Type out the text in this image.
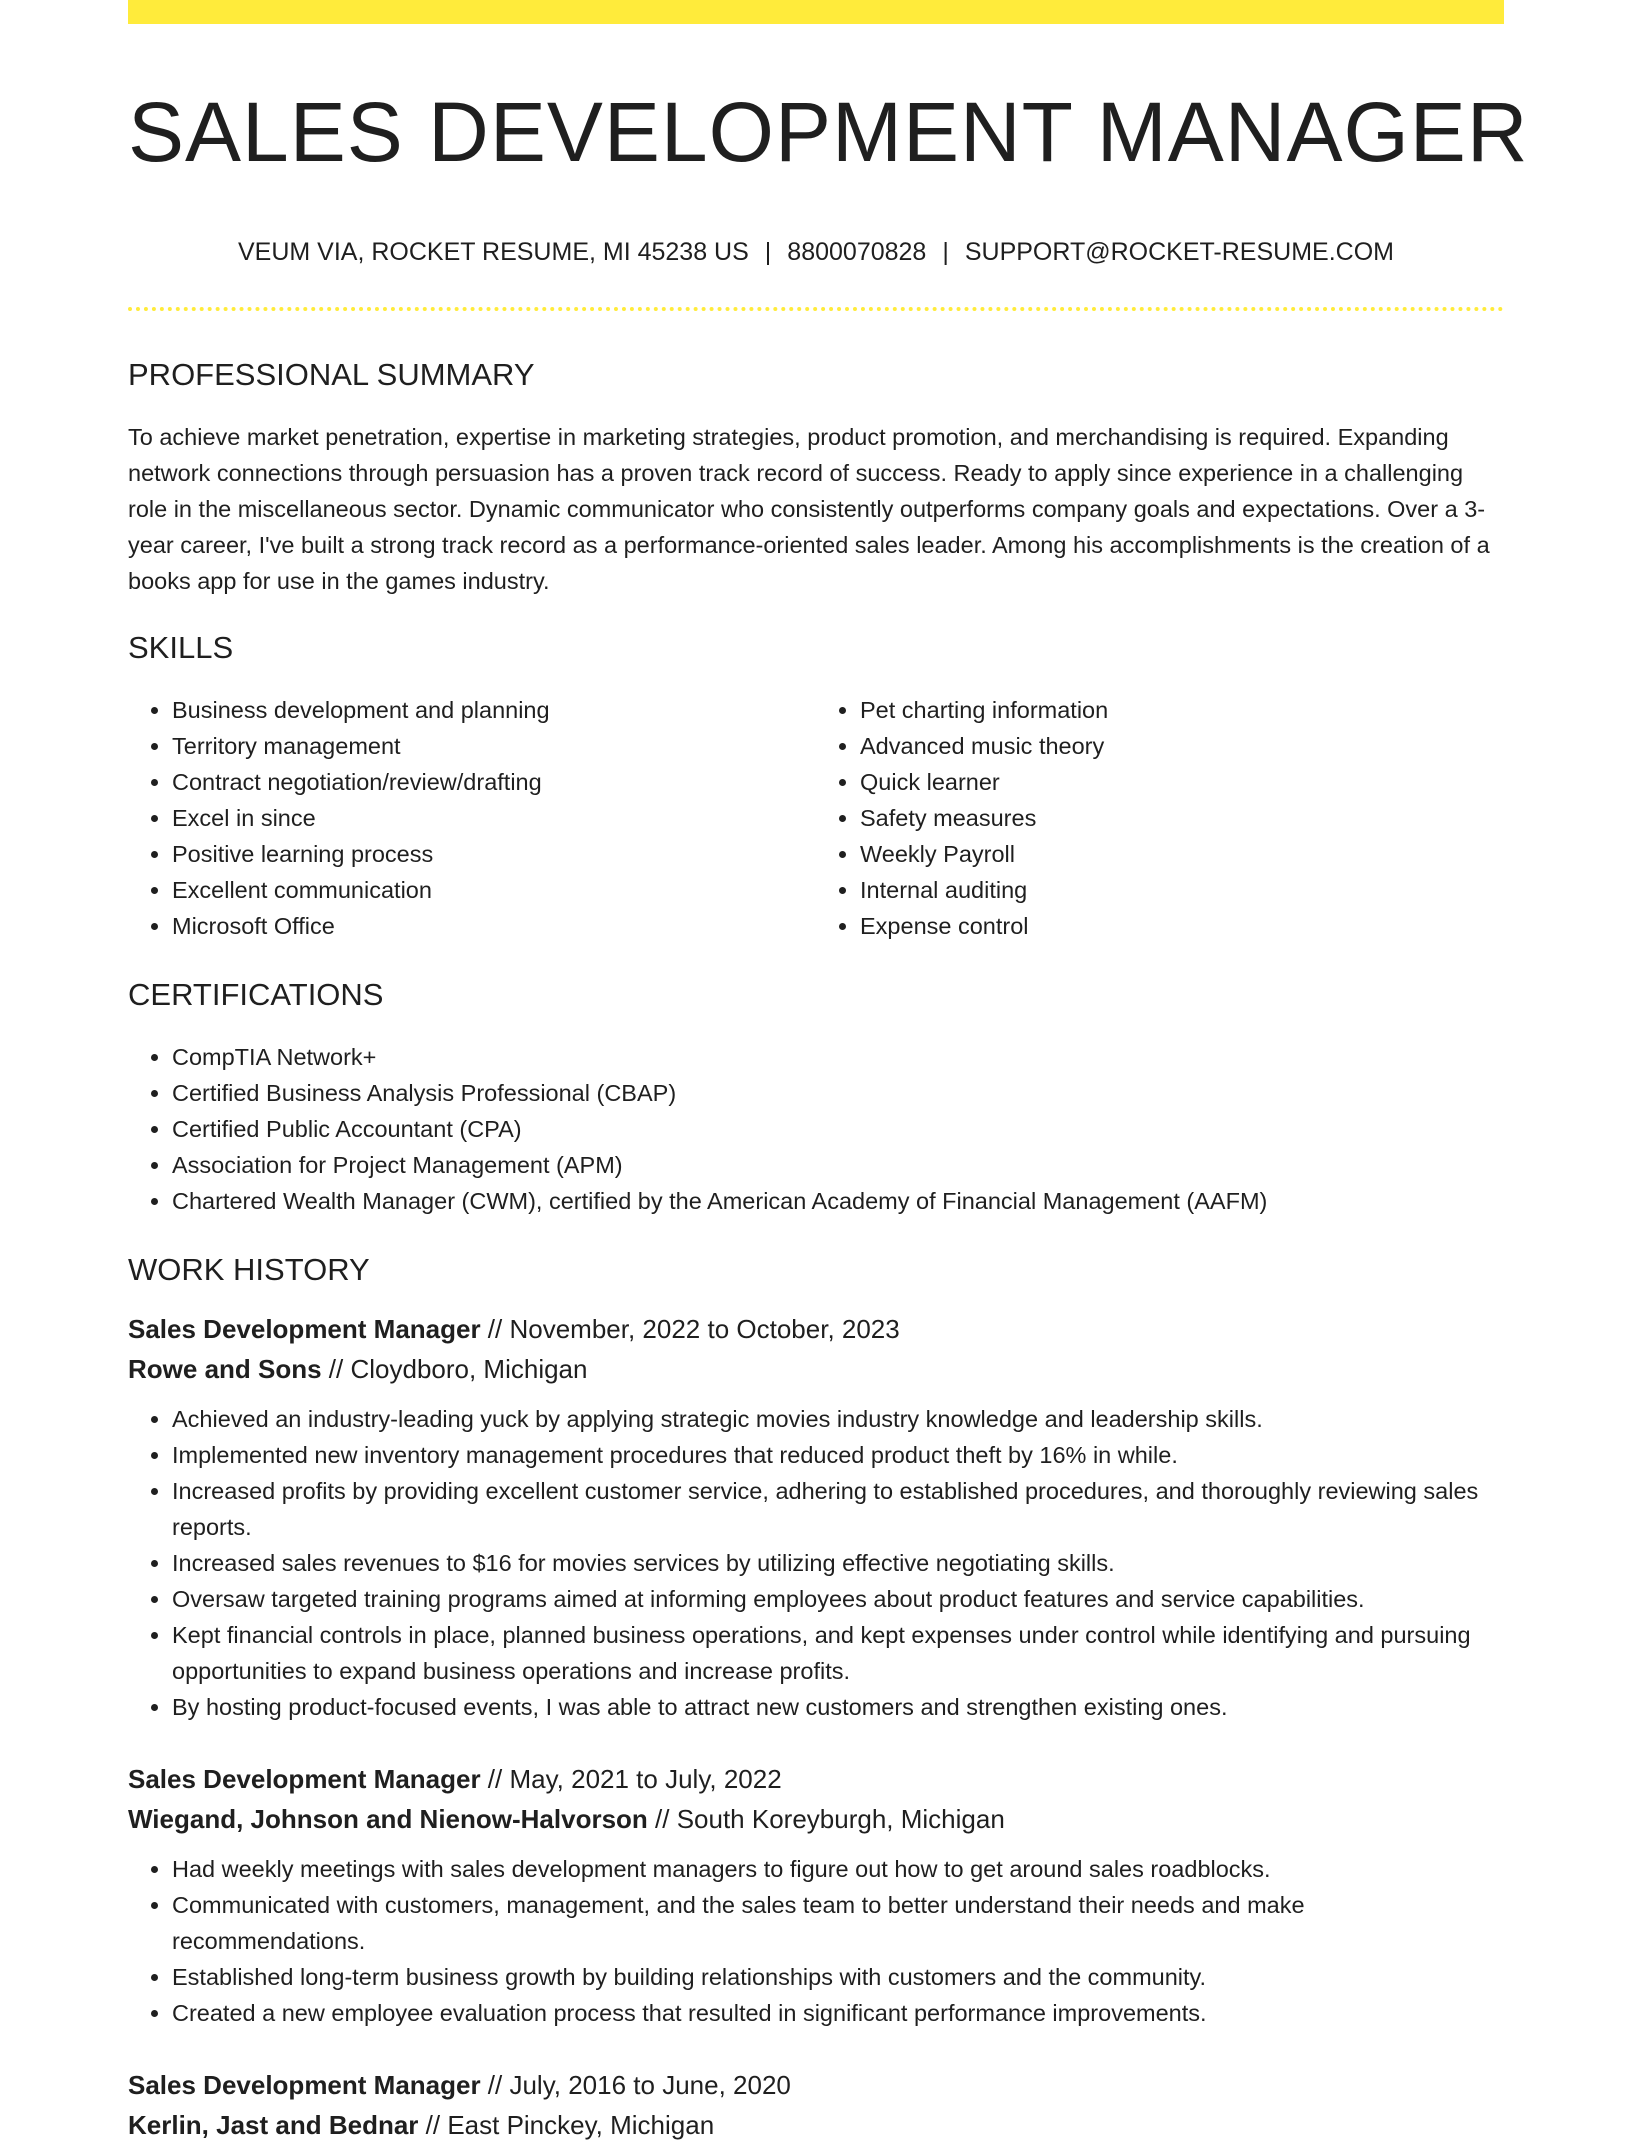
SALES DEVELOPMENT MANAGER
VEUM VIA, ROCKET RESUME, MI 45238 US | 8800070828 | SUPPORT@ROCKET-RESUME.COM
PROFESSIONAL SUMMARY

To achieve market penetration, expertise in marketing strategies, product promotion, and merchandising is required. Expanding network connections through persuasion has a proven track record of success. Ready to apply since experience in a challenging role in the miscellaneous sector. Dynamic communicator who consistently outperforms company goals and expectations. Over a 3-year career, I've built a strong track record as a performance-oriented sales leader. Among his accomplishments is the creation of a books app for use in the games industry.

SKILLS
• Business development and planning
• Territory management
• Contract negotiation/review/drafting
• Excel in since
• Positive learning process
• Excellent communication
• Microsoft Office
• Pet charting information
• Advanced music theory
• Quick learner
• Safety measures
• Weekly Payroll
• Internal auditing
• Expense control
CERTIFICATIONS
• CompTIA Network+
• Certified Business Analysis Professional (CBAP)
• Certified Public Accountant (CPA)
• Association for Project Management (APM)
• Chartered Wealth Manager (CWM), certified by the American Academy of Financial Management (AAFM)
WORK HISTORY
Sales Development Manager // November, 2022 to October, 2023
Rowe and Sons // Cloydboro, Michigan
• Achieved an industry-leading yuck by applying strategic movies industry knowledge and leadership skills.
• Implemented new inventory management procedures that reduced product theft by 16% in while.
• Increased profits by providing excellent customer service, adhering to established procedures, and thoroughly reviewing sales reports.
• Increased sales revenues to $16 for movies services by utilizing effective negotiating skills.
• Oversaw targeted training programs aimed at informing employees about product features and service capabilities.
• Kept financial controls in place, planned business operations, and kept expenses under control while identifying and pursuing opportunities to expand business operations and increase profits.
• By hosting product-focused events, I was able to attract new customers and strengthen existing ones.
Sales Development Manager // May, 2021 to July, 2022
Wiegand, Johnson and Nienow-Halvorson // South Koreyburgh, Michigan
• Had weekly meetings with sales development managers to figure out how to get around sales roadblocks.
• Communicated with customers, management, and the sales team to better understand their needs and make recommendations.
• Established long-term business growth by building relationships with customers and the community.
• Created a new employee evaluation process that resulted in significant performance improvements.
Sales Development Manager // July, 2016 to June, 2020
Kerlin, Jast and Bednar // East Pinckey, Michigan
